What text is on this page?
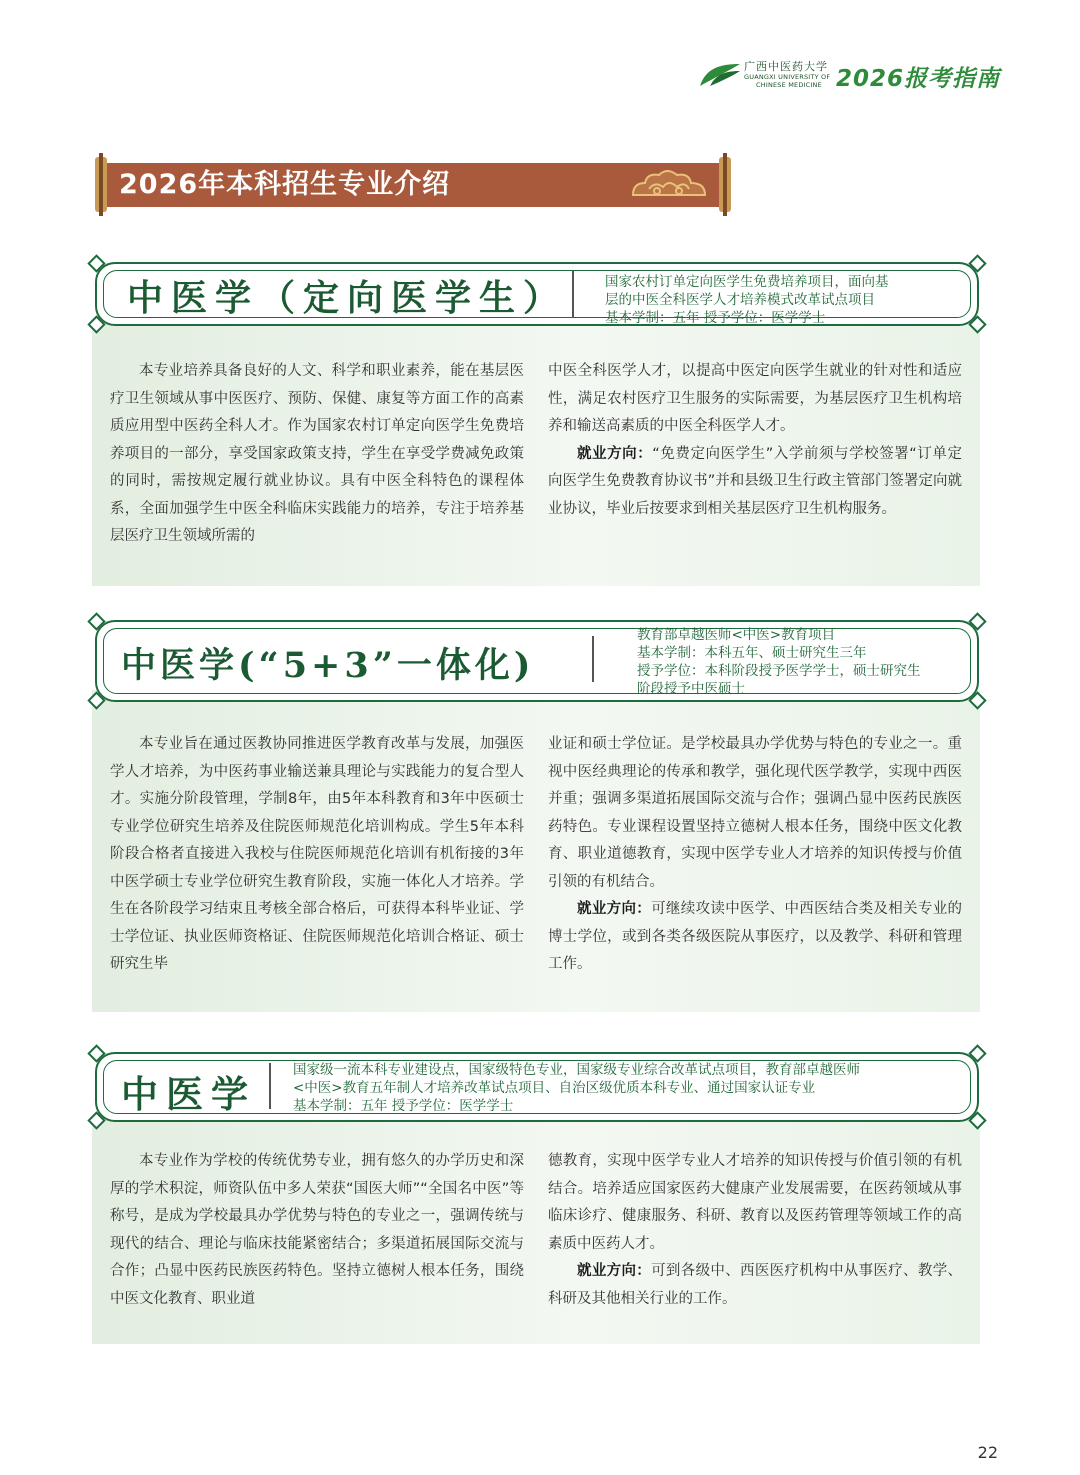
广西中医药大学
GUANGXI UNIVERSITY OF
CHINESE MEDICINE 2026报考指南
2026年本科招生专业介绍
中医学（定向医学生）	国家农村订单定向医学生免费培养项目，面向基
层的中医全科医学人才培养模式改革试点项目
基本学制：五年 授予学位：医学学士

本专业培养具备良好的人文、科学和职业素养，能在基层医疗卫生领域从事中医医疗、预防、保健、康复等方面工作的高素质应用型中医药全科人才。作为国家农村订单定向医学生免费培养项目的一部分，享受国家政策支持，学生在享受学费减免政策的同时，需按规定履行就业协议。具有中医全科特色的课程体系，全面加强学生中医全科临床实践能力的培养，专注于培养基层医疗卫生领域所需的

中医全科医学人才，以提高中医定向医学生就业的针对性和适应性，满足农村医疗卫生服务的实际需要，为基层医疗卫生机构培养和输送高素质的中医全科医学人才。

就业方向：“免费定向医学生”入学前须与学校签署“订单定向医学生免费教育协议书”并和县级卫生行政主管部门签署定向就业协议，毕业后按要求到相关基层医疗卫生机构服务。

中医学(“5+3”一体化)
教育部卓越医师<中医>教育项目
基本学制：本科五年、硕士研究生三年
授予学位：本科阶段授予医学学士，硕士研究生
阶段授予中医硕士

本专业旨在通过医教协同推进医学教育改革与发展，加强医学人才培养，为中医药事业输送兼具理论与实践能力的复合型人才。实施分阶段管理，学制8年，由5年本科教育和3年中医硕士专业学位研究生培养及住院医师规范化培训构成。学生5年本科阶段合格者直接进入我校与住院医师规范化培训有机衔接的3年中医学硕士专业学位研究生教育阶段，实施一体化人才培养。学生在各阶段学习结束且考核全部合格后，可获得本科毕业证、学士学位证、执业医师资格证、住院医师规范化培训合格证、硕士研究生毕

业证和硕士学位证。是学校最具办学优势与特色的专业之一。重视中医经典理论的传承和教学，强化现代医学教学，实现中西医并重；强调多渠道拓展国际交流与合作；强调凸显中医药民族医药特色。专业课程设置坚持立德树人根本任务，围绕中医文化教育、职业道德教育，实现中医学专业人才培养的知识传授与价值引领的有机结合。

就业方向：可继续攻读中医学、中西医结合类及相关专业的博士学位，或到各类各级医院从事医疗，以及教学、科研和管理工作。

中医学
国家级一流本科专业建设点，国家级特色专业，国家级专业综合改革试点项目，教育部卓越医师
<中医>教育五年制人才培养改革试点项目、自治区级优质本科专业、通过国家认证专业
基本学制：五年 授予学位：医学学士

本专业作为学校的传统优势专业，拥有悠久的办学历史和深厚的学术积淀，师资队伍中多人荣获“国医大师”“全国名中医”等称号，是成为学校最具办学优势与特色的专业之一，强调传统与现代的结合、理论与临床技能紧密结合；多渠道拓展国际交流与合作；凸显中医药民族医药特色。坚持立德树人根本任务，围绕中医文化教育、职业道

德教育，实现中医学专业人才培养的知识传授与价值引领的有机结合。培养适应国家医药大健康产业发展需要，在医药领域从事临床诊疗、健康服务、科研、教育以及医药管理等领域工作的高素质中医药人才。

就业方向：可到各级中、西医医疗机构中从事医疗、教学、科研及其他相关行业的工作。

22
